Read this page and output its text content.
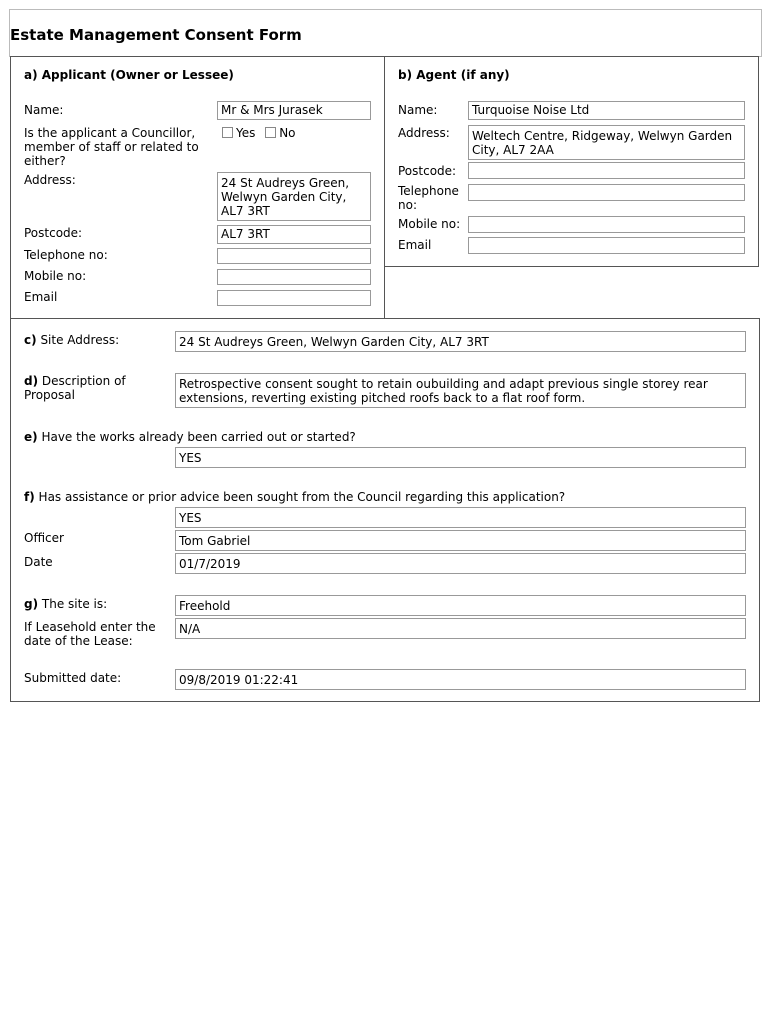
Estate Management Consent Form
a) Applicant (Owner or Lessee)
Name:	Mr & Mrs Jurasek
Is the applicant a Councillor, member of staff or related to either?
Yes No
Address:	24 St Audreys Green,
Welwyn Garden City,
AL7 3RT
Postcode:	AL7 3RT
Telephone no:
Mobile no:
Email
b) Agent (if any)
Name:	Turquoise Noise Ltd
Address:	Weltech Centre, Ridgeway, Welwyn Garden City, AL7 2AA
Postcode:
Telephone no:
Mobile no:
Email
c) Site Address:	24 St Audreys Green, Welwyn Garden City, AL7 3RT
d) Description of Proposal
Retrospective consent sought to retain oubuilding and adapt previous single storey rear extensions, reverting existing pitched roofs back to a flat roof form.
e) Have the works already been carried out or started?
YES
f) Has assistance or prior advice been sought from the Council regarding this application?
YES
Officer	Tom Gabriel
Date	01/7/2019
g) The site is:	Freehold
If Leasehold enter the date of the Lease:
N/A
Submitted date:	09/8/2019 01:22:41
